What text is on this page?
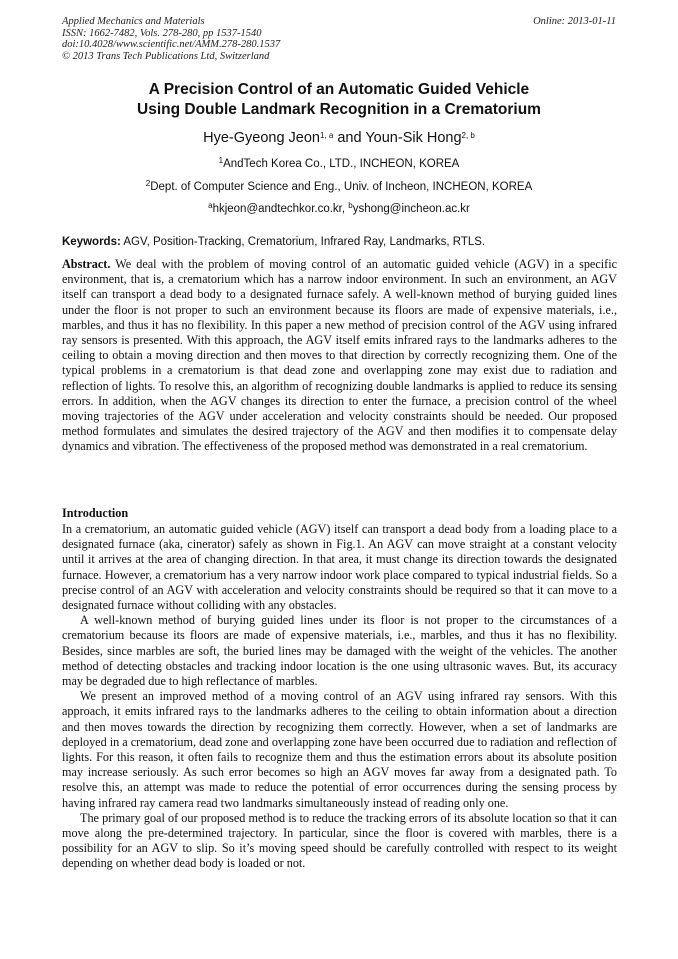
Applied Mechanics and Materials
ISSN: 1662-7482, Vols. 278-280, pp 1537-1540
doi:10.4028/www.scientific.net/AMM.278-280.1537
© 2013 Trans Tech Publications Ltd, Switzerland
Online: 2013-01-11
A Precision Control of an Automatic Guided Vehicle
Using Double Landmark Recognition in a Crematorium
Hye-Gyeong Jeon$^{1, a}$ and Youn-Sik Hong$^{2, b}$
$^1$AndTech Korea Co., LTD., INCHEON, KOREA
$^2$Dept. of Computer Science and Eng., Univ. of Incheon, INCHEON, KOREA
$^a$hkjeon@andtechkor.co.kr, $^b$yshong@incheon.ac.kr
Keywords: AGV, Position-Tracking, Crematorium, Infrared Ray, Landmarks, RTLS.
Abstract. We deal with the problem of moving control of an automatic guided vehicle (AGV) in a specific environment, that is, a crematorium which has a narrow indoor environment. In such an environment, an AGV itself can transport a dead body to a designated furnace safely. A well-known method of burying guided lines under the floor is not proper to such an environment because its floors are made of expensive materials, i.e., marbles, and thus it has no flexibility. In this paper a new method of precision control of the AGV using infrared ray sensors is presented. With this approach, the AGV itself emits infrared rays to the landmarks adheres to the ceiling to obtain a moving direction and then moves to that direction by correctly recognizing them. One of the typical problems in a crematorium is that dead zone and overlapping zone may exist due to radiation and reflection of lights. To resolve this, an algorithm of recognizing double landmarks is applied to reduce its sensing errors. In addition, when the AGV changes its direction to enter the furnace, a precision control of the wheel moving trajectories of the AGV under acceleration and velocity constraints should be needed. Our proposed method formulates and simulates the desired trajectory of the AGV and then modifies it to compensate delay dynamics and vibration. The effectiveness of the proposed method was demonstrated in a real crematorium.
Introduction

In a crematorium, an automatic guided vehicle (AGV) itself can transport a dead body from a loading place to a designated furnace (aka, cinerator) safely as shown in Fig.1. An AGV can move straight at a constant velocity until it arrives at the area of changing direction. In that area, it must change its direction towards the designated furnace. However, a crematorium has a very narrow indoor work place compared to typical industrial fields. So a precise control of an AGV with acceleration and velocity constraints should be required so that it can move to a designated furnace without colliding with any obstacles.

A well-known method of burying guided lines under its floor is not proper to the circumstances of a crematorium because its floors are made of expensive materials, i.e., marbles, and thus it has no flexibility. Besides, since marbles are soft, the buried lines may be damaged with the weight of the vehicles. The another method of detecting obstacles and tracking indoor location is the one using ultrasonic waves. But, its accuracy may be degraded due to high reflectance of marbles.

We present an improved method of a moving control of an AGV using infrared ray sensors. With this approach, it emits infrared rays to the landmarks adheres to the ceiling to obtain information about a direction and then moves towards the direction by recognizing them correctly. However, when a set of landmarks are deployed in a crematorium, dead zone and overlapping zone have been occurred due to radiation and reflection of lights. For this reason, it often fails to recognize them and thus the estimation errors about its absolute position may increase seriously. As such error becomes so high an AGV moves far away from a designated path. To resolve this, an attempt was made to reduce the potential of error occurrences during the sensing process by having infrared ray camera read two landmarks simultaneously instead of reading only one.

The primary goal of our proposed method is to reduce the tracking errors of its absolute location so that it can move along the pre-determined trajectory. In particular, since the floor is covered with marbles, there is a possibility for an AGV to slip. So it’s moving speed should be carefully controlled with respect to its weight depending on whether dead body is loaded or not.
